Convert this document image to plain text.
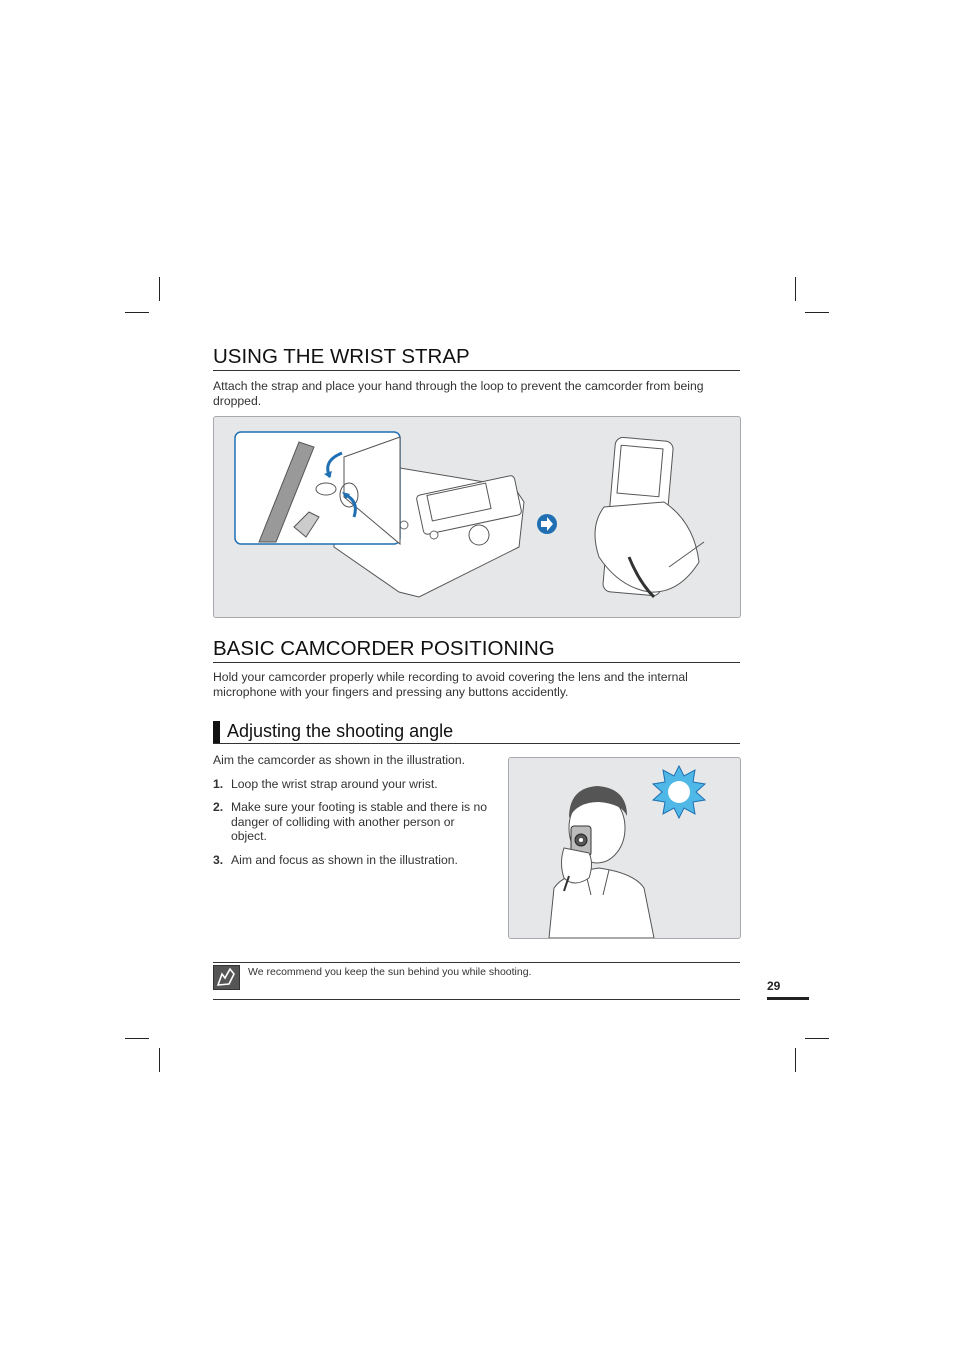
USING THE WRIST STRAP
Attach the strap and place your hand through the loop to prevent the camcorder from being dropped.
BASIC CAMCORDER POSITIONING
Hold your camcorder properly while recording to avoid covering the lens and the internal microphone with your fingers and pressing any buttons accidently.
Adjusting the shooting angle
Aim the camcorder as shown in the illustration.
1. Loop the wrist strap around your wrist.
2. Make sure your footing is stable and there is no danger of colliding with another person or object.
3. Aim and focus as shown in the illustration.
We recommend you keep the sun behind you while shooting.
29
